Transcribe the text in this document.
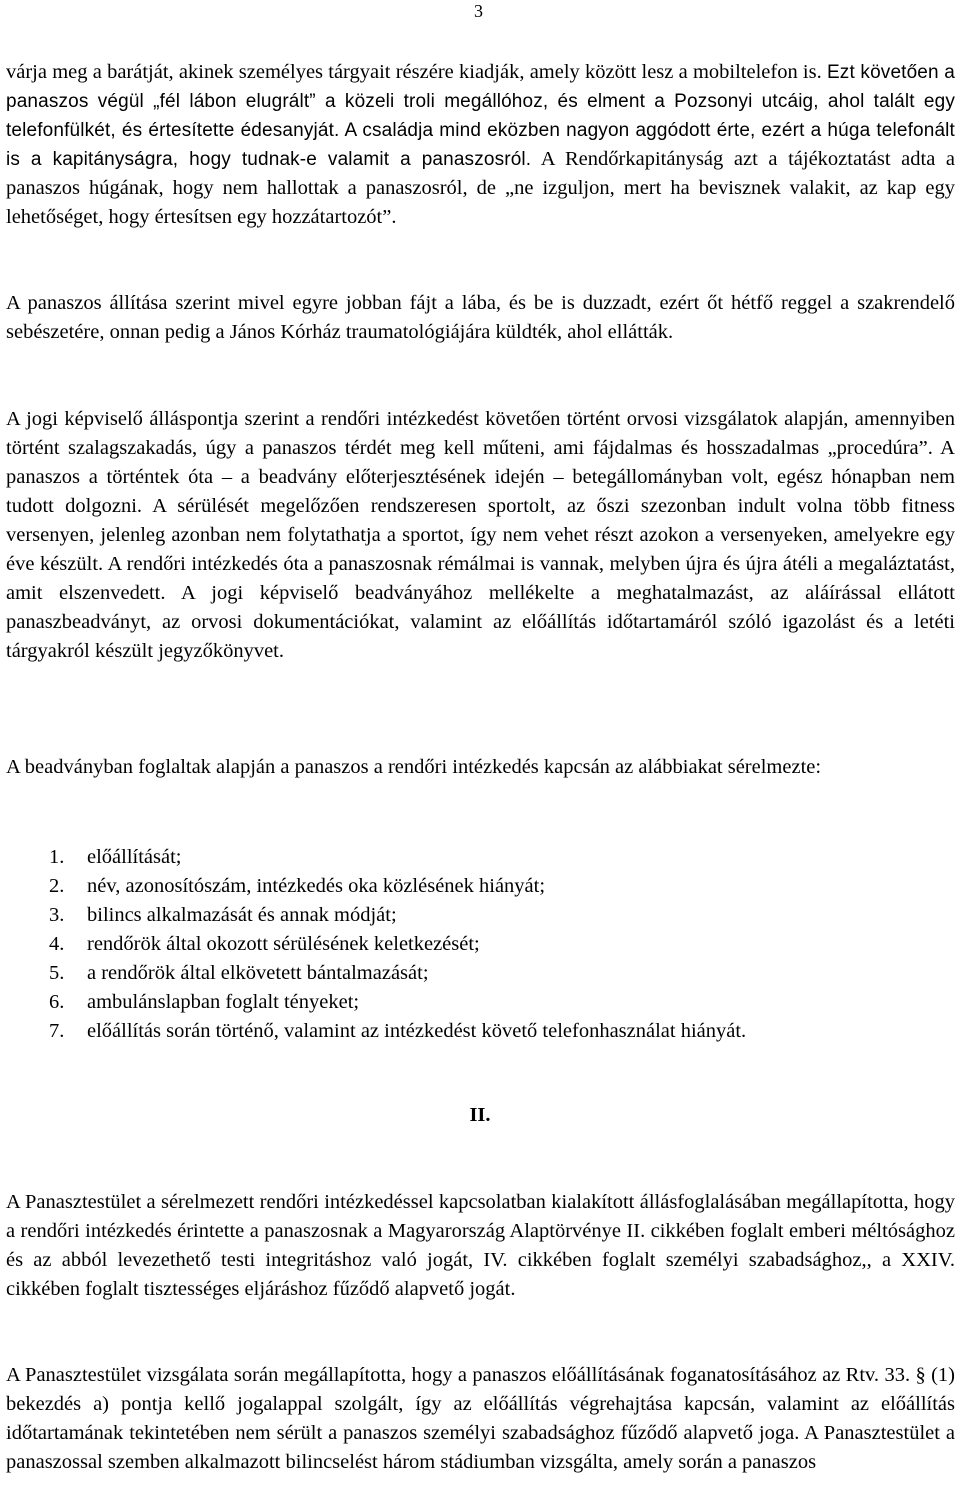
3
várja meg a barátját, akinek személyes tárgyait részére kiadják, amely között lesz a mobiltelefon is. Ezt követően a panaszos végül „fél lábon elugrált” a közeli troli megállóhoz, és elment a Pozsonyi utcáig, ahol talált egy telefonfülkét, és értesítette édesanyját. A családja mind eközben nagyon aggódott érte, ezért a húga telefonált is a kapitányságra, hogy tudnak-e valamit a panaszosról. A Rendőrkapitányság azt a tájékoztatást adta a panaszos húgának, hogy nem hallottak a panaszosról, de „ne izguljon, mert ha bevisznek valakit, az kap egy lehetőséget, hogy értesítsen egy hozzátartozót”.
A panaszos állítása szerint mivel egyre jobban fájt a lába, és be is duzzadt, ezért őt hétfő reggel a szakrendelő sebészetére, onnan pedig a János Kórház traumatológiájára küldték, ahol ellátták.
A jogi képviselő álláspontja szerint a rendőri intézkedést követően történt orvosi vizsgálatok alapján, amennyiben történt szalagszakadás, úgy a panaszos térdét meg kell műteni, ami fájdalmas és hosszadalmas „procedúra”. A panaszos a történtek óta – a beadvány előterjesztésének idején – betegállományban volt, egész hónapban nem tudott dolgozni. A sérülését megelőzően rendszeresen sportolt, az őszi szezonban indult volna több fitness versenyen, jelenleg azonban nem folytathatja a sportot, így nem vehet részt azokon a versenyeken, amelyekre egy éve készült. A rendőri intézkedés óta a panaszosnak rémálmai is vannak, melyben újra és újra átéli a megaláztatást, amit elszenvedett. A jogi képviselő beadványához mellékelte a meghatalmazást, az aláírással ellátott panaszbeadványt, az orvosi dokumentációkat, valamint az előállítás időtartamáról szóló igazolást és a letéti tárgyakról készült jegyzőkönyvet.
A beadványban foglaltak alapján a panaszos a rendőri intézkedés kapcsán az alábbiakat sérelmezte:
1. előállítását;
2. név, azonosítószám, intézkedés oka közlésének hiányát;
3. bilincs alkalmazását és annak módját;
4. rendőrök által okozott sérülésének keletkezését;
5. a rendőrök által elkövetett bántalmazását;
6. ambulánslapban foglalt tényeket;
7. előállítás során történő, valamint az intézkedést követő telefonhasználat hiányát.
II.
A Panasztestület a sérelmezett rendőri intézkedéssel kapcsolatban kialakított állásfoglalásában megállapította, hogy a rendőri intézkedés érintette a panaszosnak a Magyarország Alaptörvénye II. cikkében foglalt emberi méltósághoz és az abból levezethető testi integritáshoz való jogát, IV. cikkében foglalt személyi szabadsághoz,, a XXIV. cikkében foglalt tisztességes eljáráshoz fűződő alapvető jogát.
A Panasztestület vizsgálata során megállapította, hogy a panaszos előállításának foganatosításához az Rtv. 33. § (1) bekezdés a) pontja kellő jogalappal szolgált, így az előállítás végrehajtása kapcsán, valamint az előállítás időtartamának tekintetében nem sérült a panaszos személyi szabadsághoz fűződő alapvető joga. A Panasztestület a panaszossal szemben alkalmazott bilincselést három stádiumban vizsgálta, amely során a panaszos
